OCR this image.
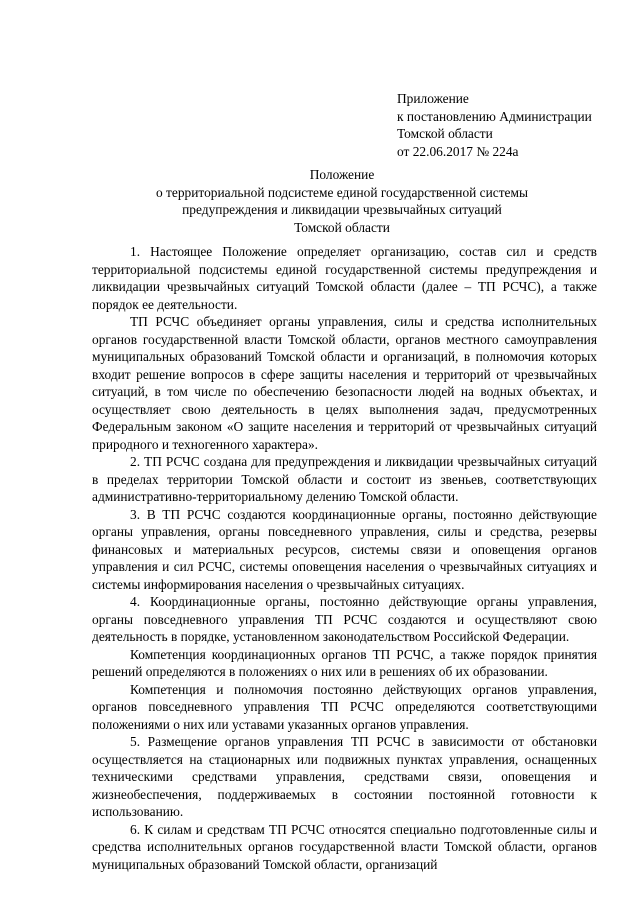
Приложение
к постановлению Администрации
Томской области
от 22.06.2017 № 224а
Положение
о территориальной подсистеме единой государственной системы
предупреждения и ликвидации чрезвычайных ситуаций
Томской области

1. Настоящее Положение определяет организацию, состав сил и средств территориальной подсистемы единой государственной системы предупреждения и ликвидации чрезвычайных ситуаций Томской области (далее – ТП РСЧС), а также порядок ее деятельности.

ТП РСЧС объединяет органы управления, силы и средства исполнительных органов государственной власти Томской области, органов местного самоуправления муниципальных образований Томской области и организаций, в полномочия которых входит решение вопросов в сфере защиты населения и территорий от чрезвычайных ситуаций, в том числе по обеспечению безопасности людей на водных объектах, и осуществляет свою деятельность в целях выполнения задач, предусмотренных Федеральным законом «О защите населения и территорий от чрезвычайных ситуаций природного и техногенного характера».

2. ТП РСЧС создана для предупреждения и ликвидации чрезвычайных ситуаций в пределах территории Томской области и состоит из звеньев, соответствующих административно-территориальному делению Томской области.

3. В ТП РСЧС создаются координационные органы, постоянно действующие органы управления, органы повседневного управления, силы и средства, резервы финансовых и материальных ресурсов, системы связи и оповещения органов управления и сил РСЧС, системы оповещения населения о чрезвычайных ситуациях и системы информирования населения о чрезвычайных ситуациях.

4. Координационные органы, постоянно действующие органы управления, органы повседневного управления ТП РСЧС создаются и осуществляют свою деятельность в порядке, установленном законодательством Российской Федерации.

Компетенция координационных органов ТП РСЧС, а также порядок принятия решений определяются в положениях о них или в решениях об их образовании.

Компетенция и полномочия постоянно действующих органов управления, органов повседневного управления ТП РСЧС определяются соответствующими положениями о них или уставами указанных органов управления.

5. Размещение органов управления ТП РСЧС в зависимости от обстановки осуществляется на стационарных или подвижных пунктах управления, оснащенных техническими средствами управления, средствами связи, оповещения и жизнеобеспечения, поддерживаемых в состоянии постоянной готовности к использованию.

6. К силам и средствам ТП РСЧС относятся специально подготовленные силы и средства исполнительных органов государственной власти Томской области, органов муниципальных образований Томской области, организаций
